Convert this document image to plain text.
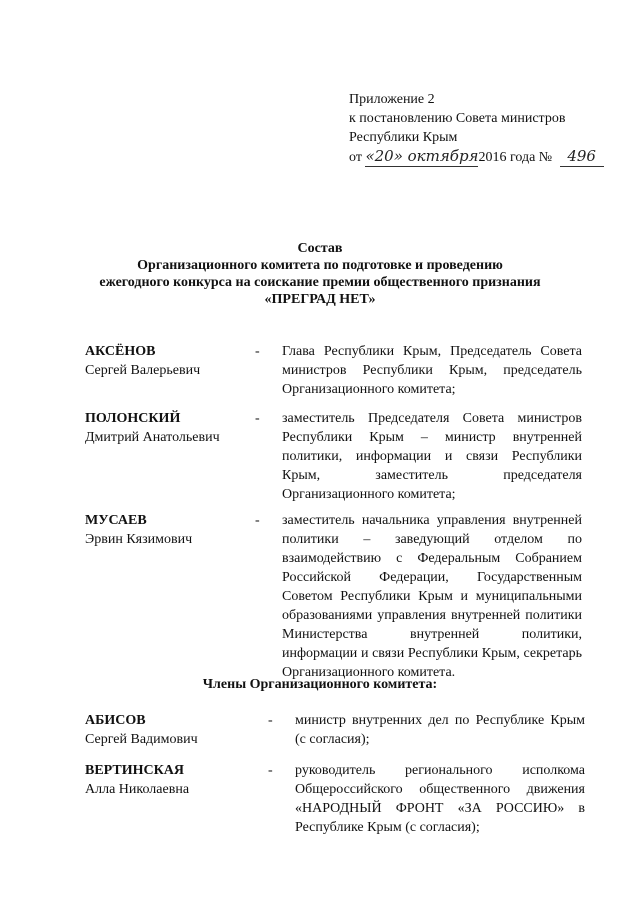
Приложение 2
к постановлению Совета министров
Республики Крым
от «20» октября2016 года № 496
Состав
Организационного комитета по подготовке и проведению
ежегодного конкурса на соискание премии общественного признания
«ПРЕГРАД НЕТ»
АКСЁНОВ
Сергей Валерьевич
- Глава Республики Крым, Председатель Совета министров Республики Крым, председатель Организационного комитета;
ПОЛОНСКИЙ
Дмитрий Анатольевич
- заместитель Председателя Совета министров Республики Крым – министр внутренней политики, информации и связи Республики Крым, заместитель председателя Организационного комитета;
МУСАЕВ
Эрвин Кязимович
- заместитель начальника управления внутренней политики – заведующий отделом по взаимодействию с Федеральным Собранием Российской Федерации, Государственным Советом Республики Крым и муниципальными образованиями управления внутренней политики Министерства внутренней политики, информации и связи Республики Крым, секретарь Организационного комитета.
Члены Организационного комитета:
АБИСОВ
Сергей Вадимович
- министр внутренних дел по Республике Крым (с согласия);
ВЕРТИНСКАЯ
Алла Николаевна
- руководитель регионального исполкома Общероссийского общественного движения «НАРОДНЫЙ ФРОНТ «ЗА РОССИЮ» в Республике Крым (с согласия);
